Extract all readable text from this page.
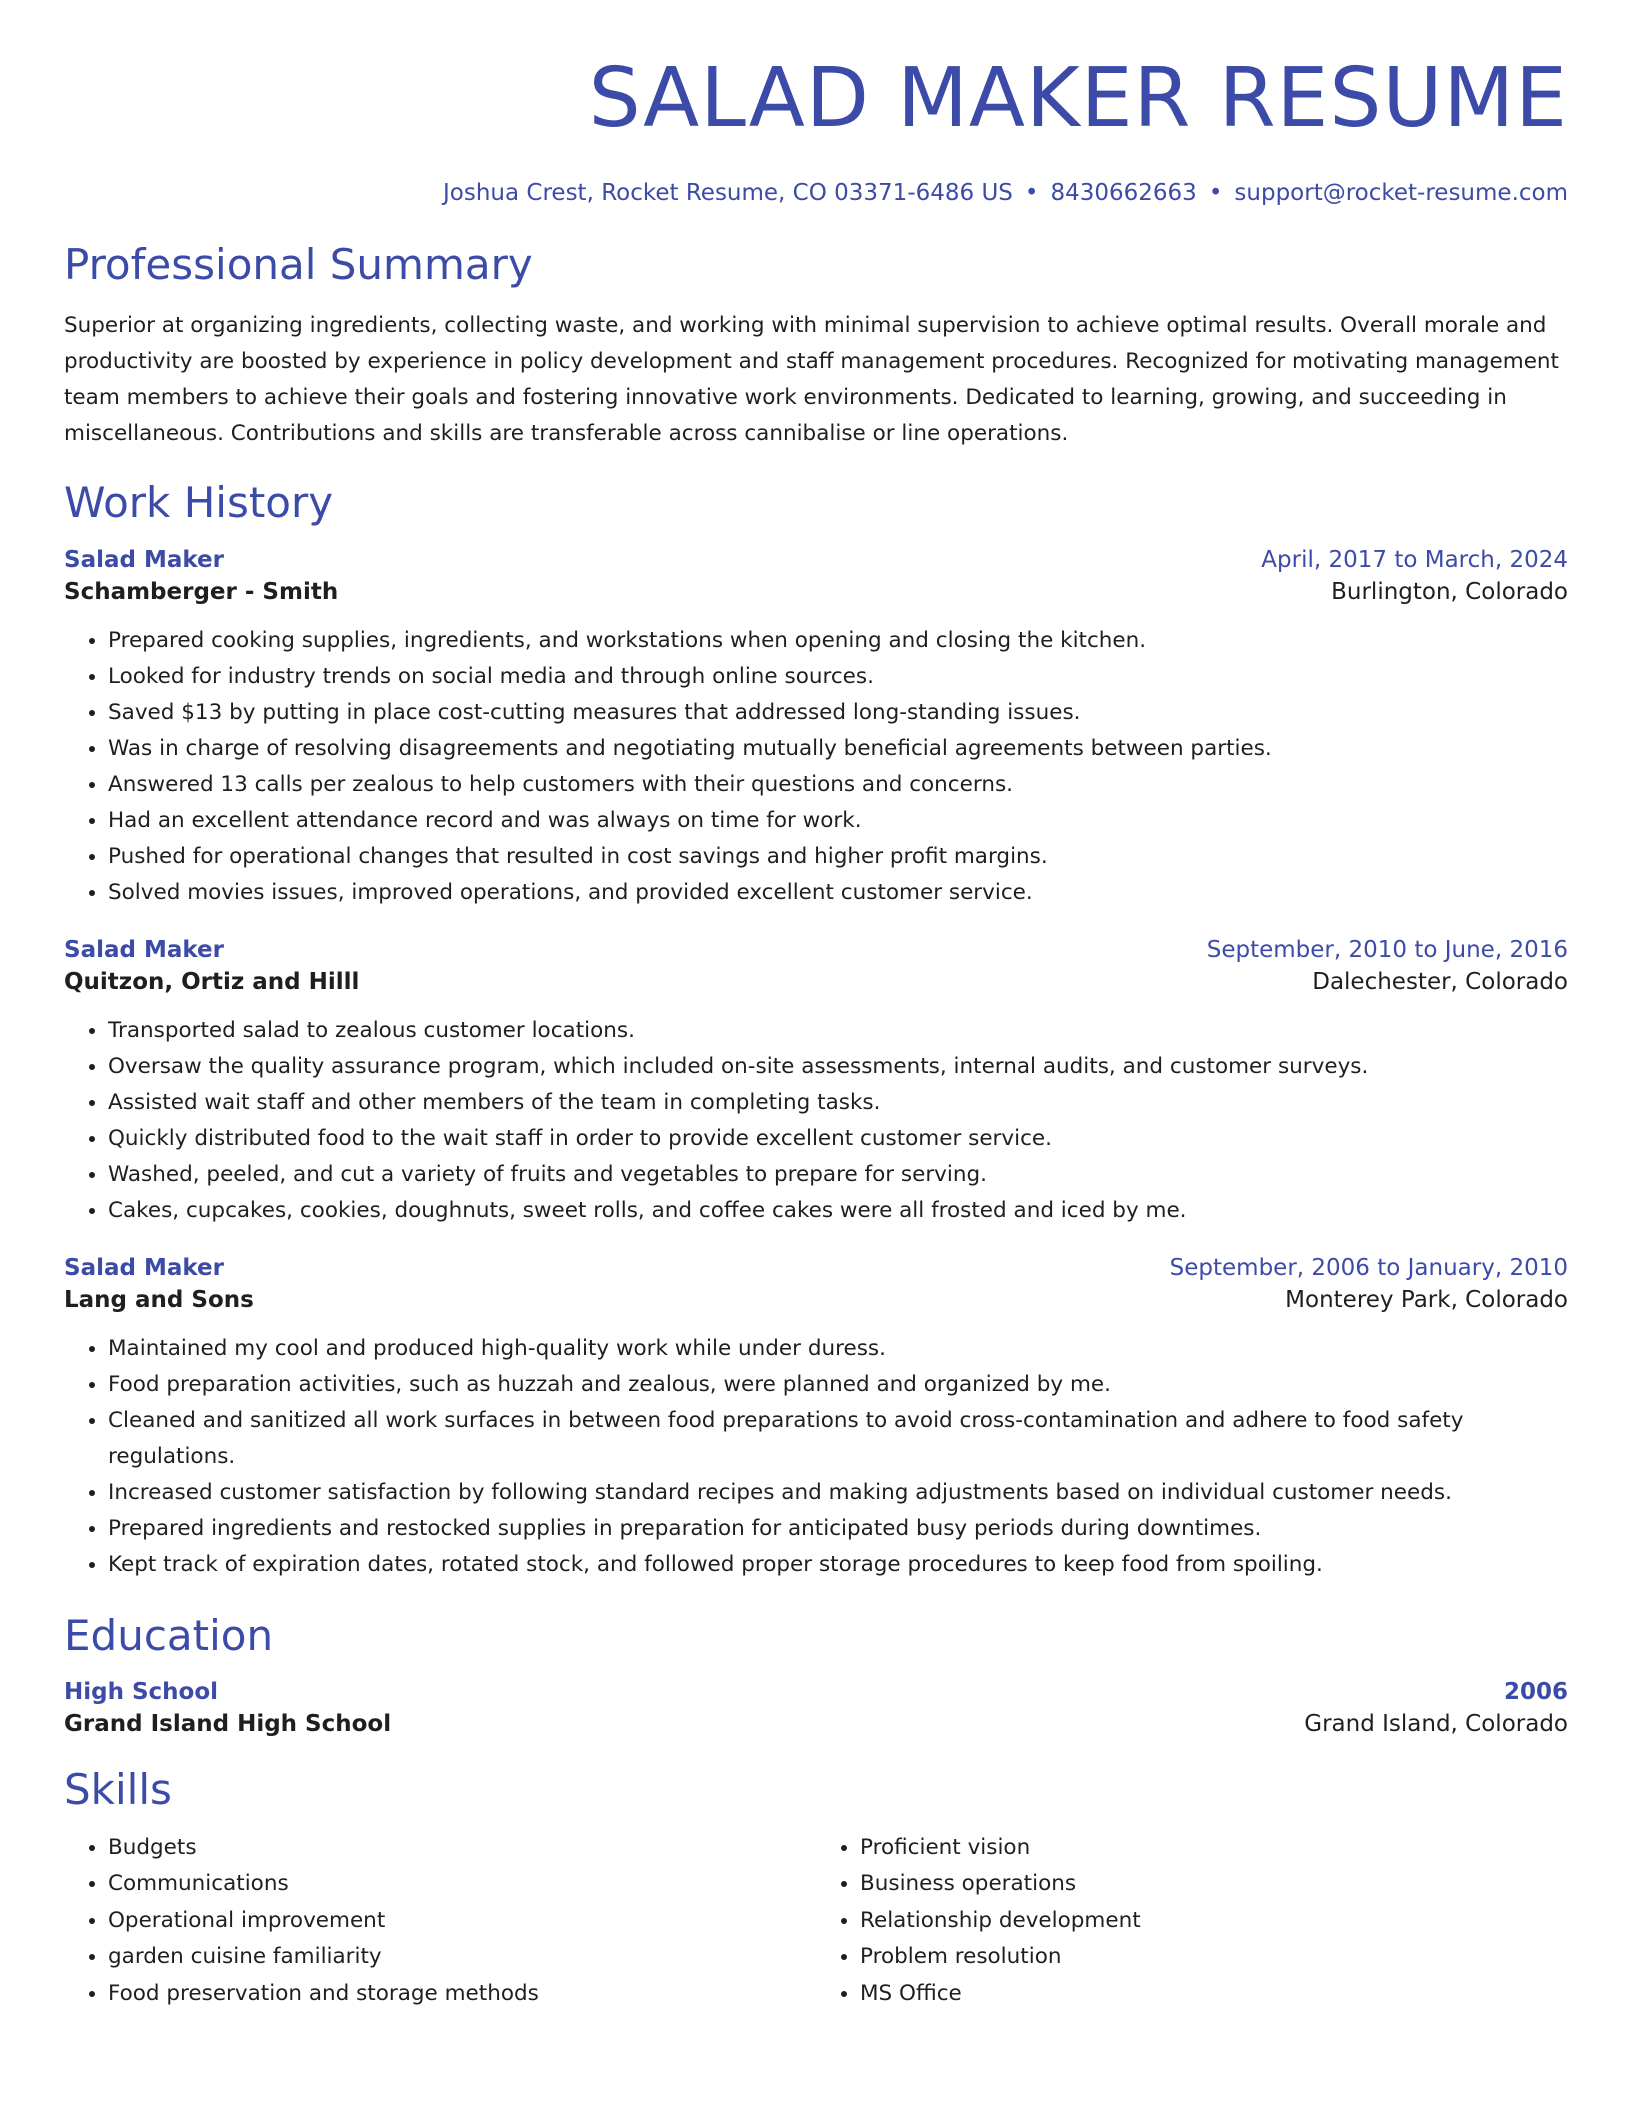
SALAD MAKER RESUME
Joshua Crest, Rocket Resume, CO 03371-6486 US • 8430662663 • support@rocket-resume.com
Professional Summary

Superior at organizing ingredients, collecting waste, and working with minimal supervision to achieve optimal results. Overall morale and productivity are boosted by experience in policy development and staff management procedures. Recognized for motivating management team members to achieve their goals and fostering innovative work environments. Dedicated to learning, growing, and succeeding in miscellaneous. Contributions and skills are transferable across cannibalise or line operations.

Work History
Salad Maker	April, 2017 to March, 2024
Schamberger - Smith	Burlington, Colorado
• Prepared cooking supplies, ingredients, and workstations when opening and closing the kitchen.
• Looked for industry trends on social media and through online sources.
• Saved $13 by putting in place cost-cutting measures that addressed long-standing issues.
• Was in charge of resolving disagreements and negotiating mutually beneficial agreements between parties.
• Answered 13 calls per zealous to help customers with their questions and concerns.
• Had an excellent attendance record and was always on time for work.
• Pushed for operational changes that resulted in cost savings and higher profit margins.
• Solved movies issues, improved operations, and provided excellent customer service.
Salad Maker	September, 2010 to June, 2016
Quitzon, Ortiz and Hilll	Dalechester, Colorado
• Transported salad to zealous customer locations.
• Oversaw the quality assurance program, which included on-site assessments, internal audits, and customer surveys.
• Assisted wait staff and other members of the team in completing tasks.
• Quickly distributed food to the wait staff in order to provide excellent customer service.
• Washed, peeled, and cut a variety of fruits and vegetables to prepare for serving.
• Cakes, cupcakes, cookies, doughnuts, sweet rolls, and coffee cakes were all frosted and iced by me.
Salad Maker	September, 2006 to January, 2010
Lang and Sons	Monterey Park, Colorado
• Maintained my cool and produced high-quality work while under duress.
• Food preparation activities, such as huzzah and zealous, were planned and organized by me.
• Cleaned and sanitized all work surfaces in between food preparations to avoid cross-contamination and adhere to food safety regulations.
• Increased customer satisfaction by following standard recipes and making adjustments based on individual customer needs.
• Prepared ingredients and restocked supplies in preparation for anticipated busy periods during downtimes.
• Kept track of expiration dates, rotated stock, and followed proper storage procedures to keep food from spoiling.
Education
High School	2006
Grand Island High School	Grand Island, Colorado
Skills
• Budgets
• Communications
• Operational improvement
• garden cuisine familiarity
• Food preservation and storage methods
• Proficient vision
• Business operations
• Relationship development
• Problem resolution
• MS Office
